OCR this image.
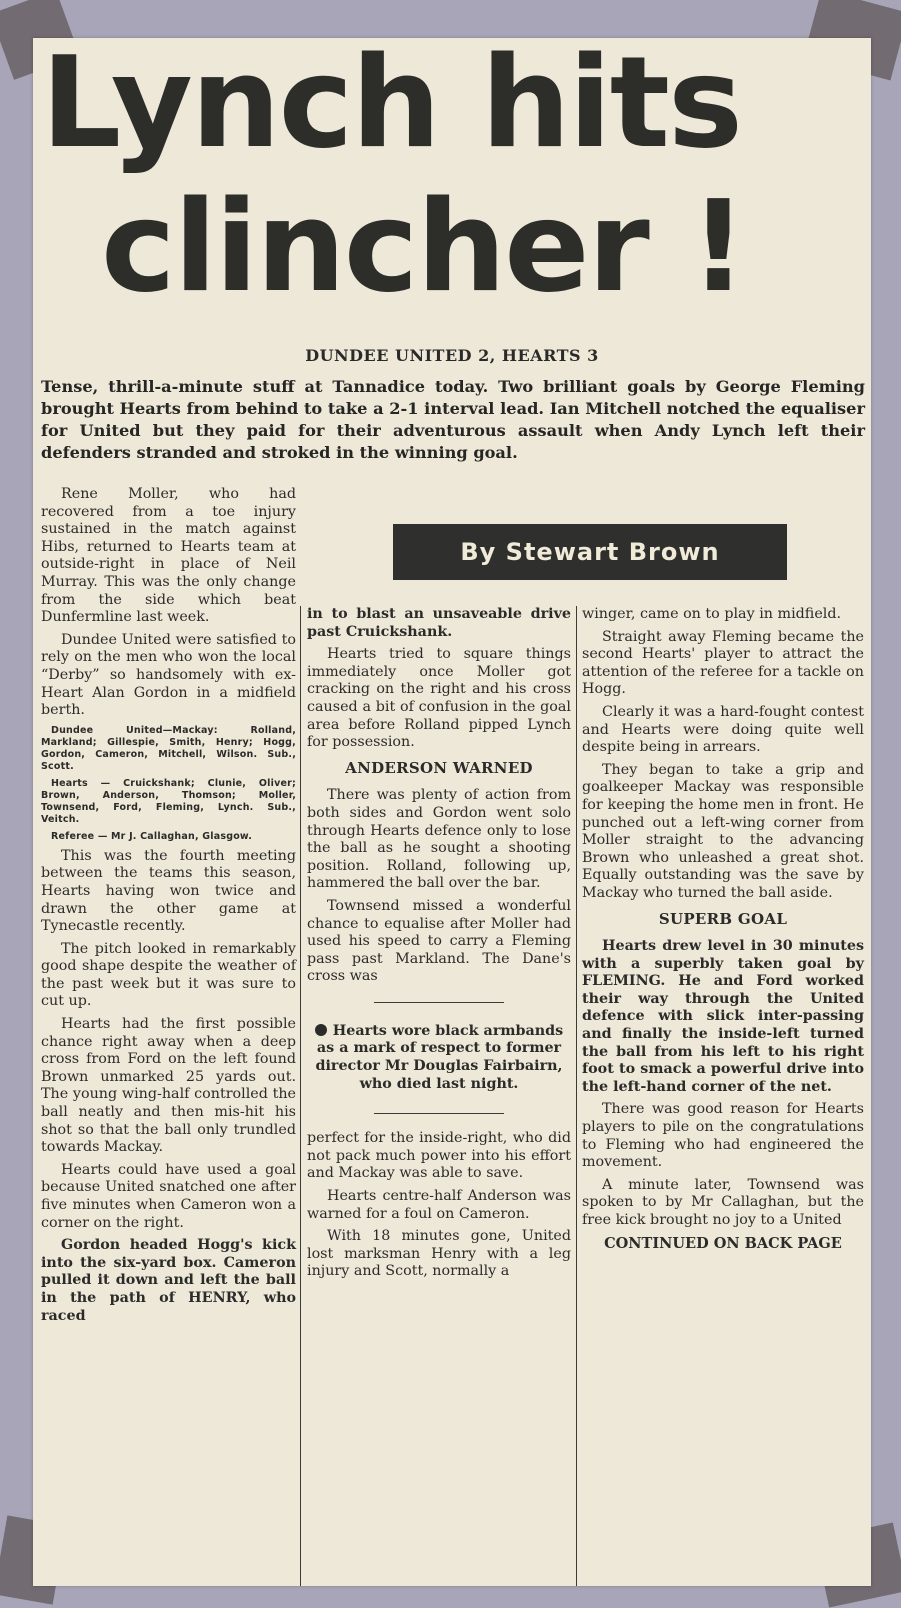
Lynch hits
clincher !
DUNDEE UNITED 2, HEARTS 3
Tense, thrill-a-minute stuff at Tannadice today. Two brilliant goals by George Fleming brought Hearts from behind to take a 2-1 interval lead. Ian Mitchell notched the equaliser for United but they paid for their adventurous assault when Andy Lynch left their defenders stranded and stroked in the winning goal.
By Stewart Brown

Rene Moller, who had recovered from a toe injury sustained in the match against Hibs, returned to Hearts team at outside-right in place of Neil Murray. This was the only change from the side which beat Dunfermline last week.

Dundee United were satisfied to rely on the men who won the local “Derby” so handsomely with ex-Heart Alan Gordon in a midfield berth.

Dundee United—Mackay: Rolland, Markland; Gillespie, Smith, Henry; Hogg, Gordon, Cameron, Mitchell, Wilson. Sub., Scott.

Hearts — Cruickshank; Clunie, Oliver; Brown, Anderson, Thomson; Moller, Townsend, Ford, Fleming, Lynch. Sub., Veitch.

Referee — Mr J. Callaghan, Glasgow.

This was the fourth meeting between the teams this season, Hearts having won twice and drawn the other game at Tynecastle recently.

The pitch looked in remarkably good shape despite the weather of the past week but it was sure to cut up.

Hearts had the first possible chance right away when a deep cross from Ford on the left found Brown unmarked 25 yards out. The young wing-half controlled the ball neatly and then mis-hit his shot so that the ball only trundled towards Mackay.

Hearts could have used a goal because United snatched one after five minutes when Cameron won a corner on the right.

Gordon headed Hogg's kick into the six-yard box. Cameron pulled it down and left the ball in the path of HENRY, who raced

in to blast an unsaveable drive past Cruickshank.

Hearts tried to square things immediately once Moller got cracking on the right and his cross caused a bit of confusion in the goal area before Rolland pipped Lynch for possession.

ANDERSON WARNED

There was plenty of action from both sides and Gordon went solo through Hearts defence only to lose the ball as he sought a shooting position. Rolland, following up, hammered the ball over the bar.

Townsend missed a wonderful chance to equalise after Moller had used his speed to carry a Fleming pass past Markland. The Dane's cross was

Hearts wore black armbands as a mark of respect to former director Mr Douglas Fairbairn, who died last night.

perfect for the inside-right, who did not pack much power into his effort and Mackay was able to save.

Hearts centre-half Anderson was warned for a foul on Cameron.

With 18 minutes gone, United lost marksman Henry with a leg injury and Scott, normally a

winger, came on to play in midfield.

Straight away Fleming became the second Hearts' player to attract the attention of the referee for a tackle on Hogg.

Clearly it was a hard-fought contest and Hearts were doing quite well despite being in arrears.

They began to take a grip and goalkeeper Mackay was responsible for keeping the home men in front. He punched out a left-wing corner from Moller straight to the advancing Brown who unleashed a great shot. Equally outstanding was the save by Mackay who turned the ball aside.

SUPERB GOAL

Hearts drew level in 30 minutes with a superbly taken goal by FLEMING. He and Ford worked their way through the United defence with slick inter-passing and finally the inside-left turned the ball from his left to his right foot to smack a powerful drive into the left-hand corner of the net.

There was good reason for Hearts players to pile on the congratulations to Fleming who had engineered the movement.

A minute later, Townsend was spoken to by Mr Callaghan, but the free kick brought no joy to a United

CONTINUED ON BACK PAGE
